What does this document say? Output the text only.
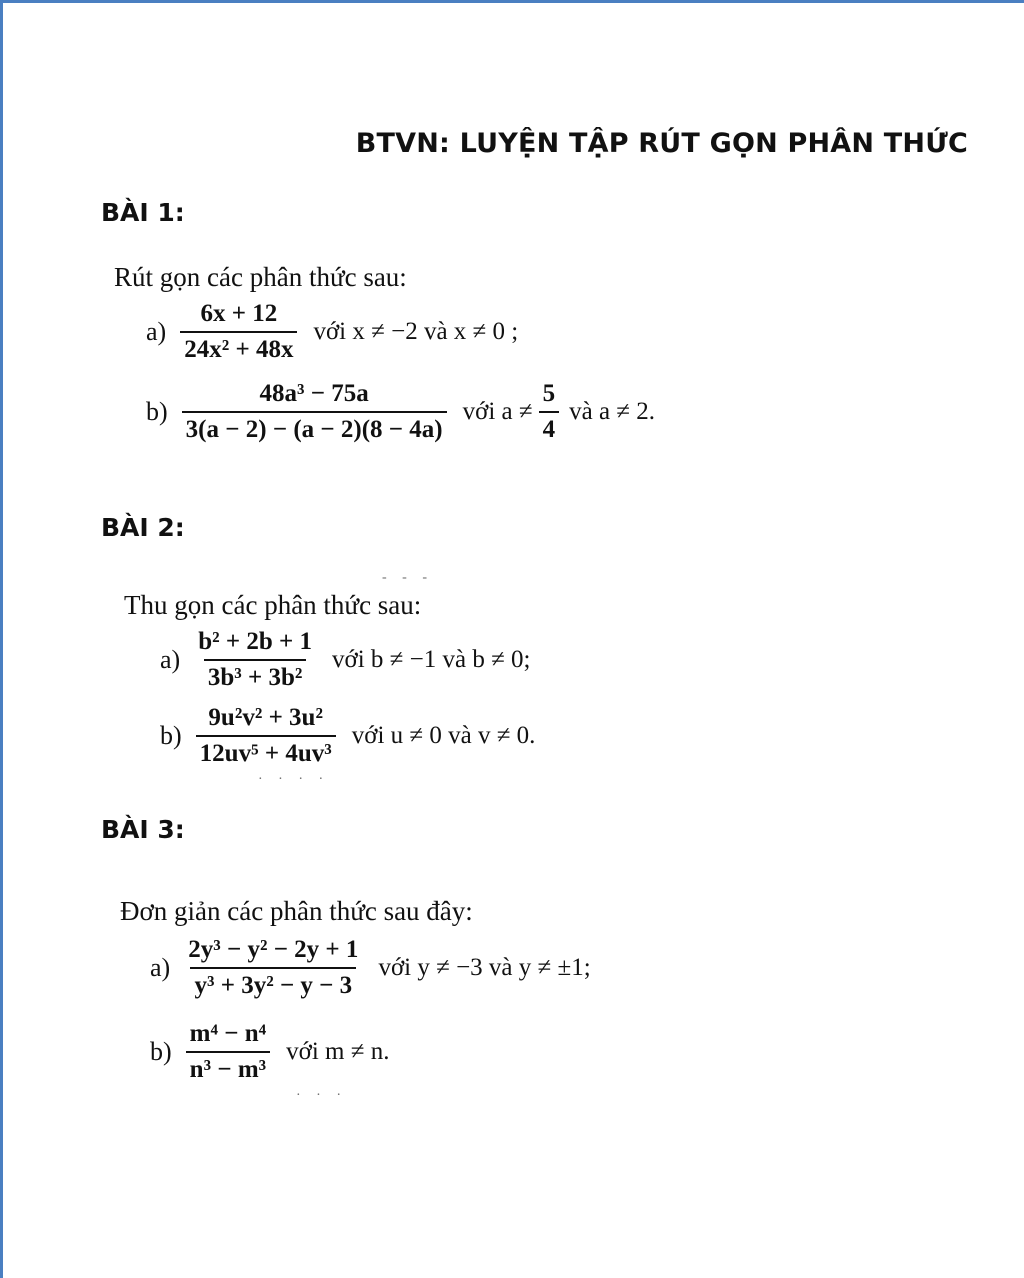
BTVN: LUYỆN TẬP RÚT GỌN PHÂN THỨC
BÀI 1:
Rút gọn các phân thức sau:
$a) \frac{6x + 12}{\text{24x² + 48x}}$ với x ≠ −2 và x ≠ 0 ;
$b) \frac{\text{48a³ − 75a}}{3(a - 2) - (a - 2)(8 - 4a)}$ với $a \ne \frac{5}{4}$ và a ≠ 2.
BÀI 2:
- - -
Thu gọn các phân thức sau:
$a) \frac{\text{b² + 2b + 1}}{\text{3b³ + 3b²}}$ với b ≠ −1 và b ≠ 0;
$b) \frac{\text{9u²v² + 3u²}}{\text{12uv⁵ + 4uv³}}$ với u ≠ 0 và v ≠ 0.
· · · ·
BÀI 3:
Đơn giản các phân thức sau đây:
$a) \frac{\text{2y³ − y² − 2y + 1}}{\text{y³ + 3y² − y − 3}}$ với y ≠ −3 và y ≠ ±1;
$b) \frac{\text{m⁴ − n⁴}}{\text{n³ − m³}}$ với m ≠ n.
· · ·
